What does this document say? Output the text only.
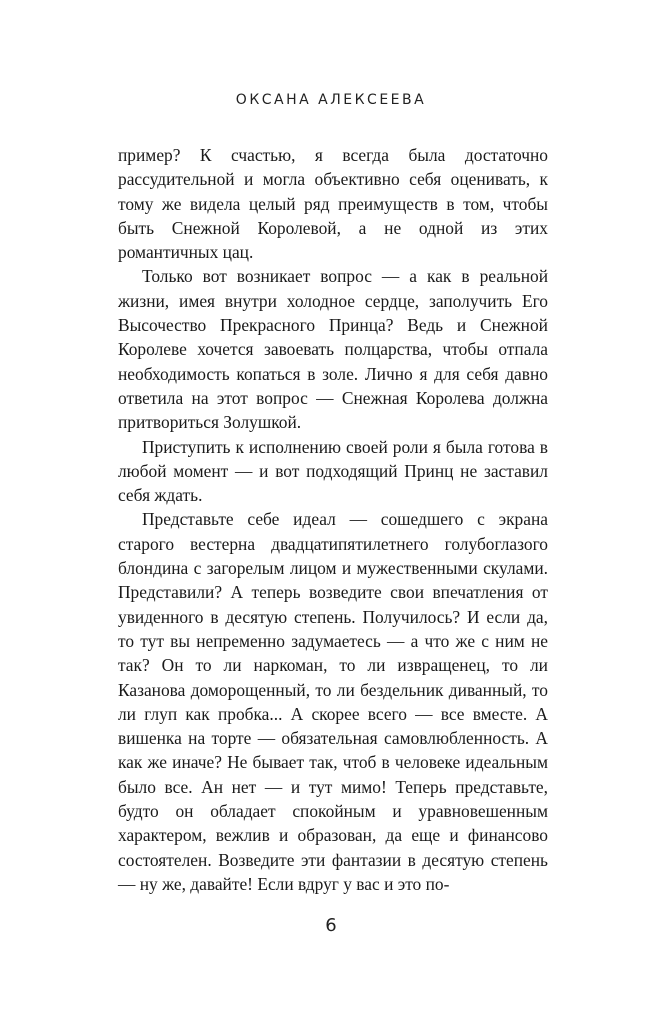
ОКСАНА АЛЕКСЕЕВА

пример? К счастью, я всегда была достаточно рассудительной и могла объективно себя оценивать, к тому же видела целый ряд преимуществ в том, чтобы быть Снежной Королевой, а не одной из этих романтичных цац.

Только вот возникает вопрос — а как в реальной жизни, имея внутри холодное сердце, заполучить Его Высочество Прекрасного Принца? Ведь и Снежной Королеве хочется завоевать полцарства, чтобы отпала необходимость копаться в золе. Лично я для себя давно ответила на этот вопрос — Снежная Королева должна притвориться Золушкой.

Приступить к исполнению своей роли я была готова в любой момент — и вот подходящий Принц не заставил себя ждать.

Представьте себе идеал — сошедшего с экрана старого вестерна двадцатипятилетнего голубоглазого блондина с загорелым лицом и мужественными скулами. Представили? А теперь возведите свои впечатления от увиденного в десятую степень. Получилось? И если да, то тут вы непременно задумаетесь — а что же с ним не так? Он то ли наркоман, то ли извращенец, то ли Казанова доморощенный, то ли бездельник диванный, то ли глуп как пробка... А скорее всего — все вместе. А вишенка на торте — обязательная самовлюбленность. А как же иначе? Не бывает так, чтоб в человеке идеальным было все. Ан нет — и тут мимо! Теперь представьте, будто он обладает спокойным и уравновешенным характером, вежлив и образован, да еще и финансово состоятелен. Возведите эти фантазии в десятую степень — ну же, давайте! Если вдруг у вас и это по-

6
